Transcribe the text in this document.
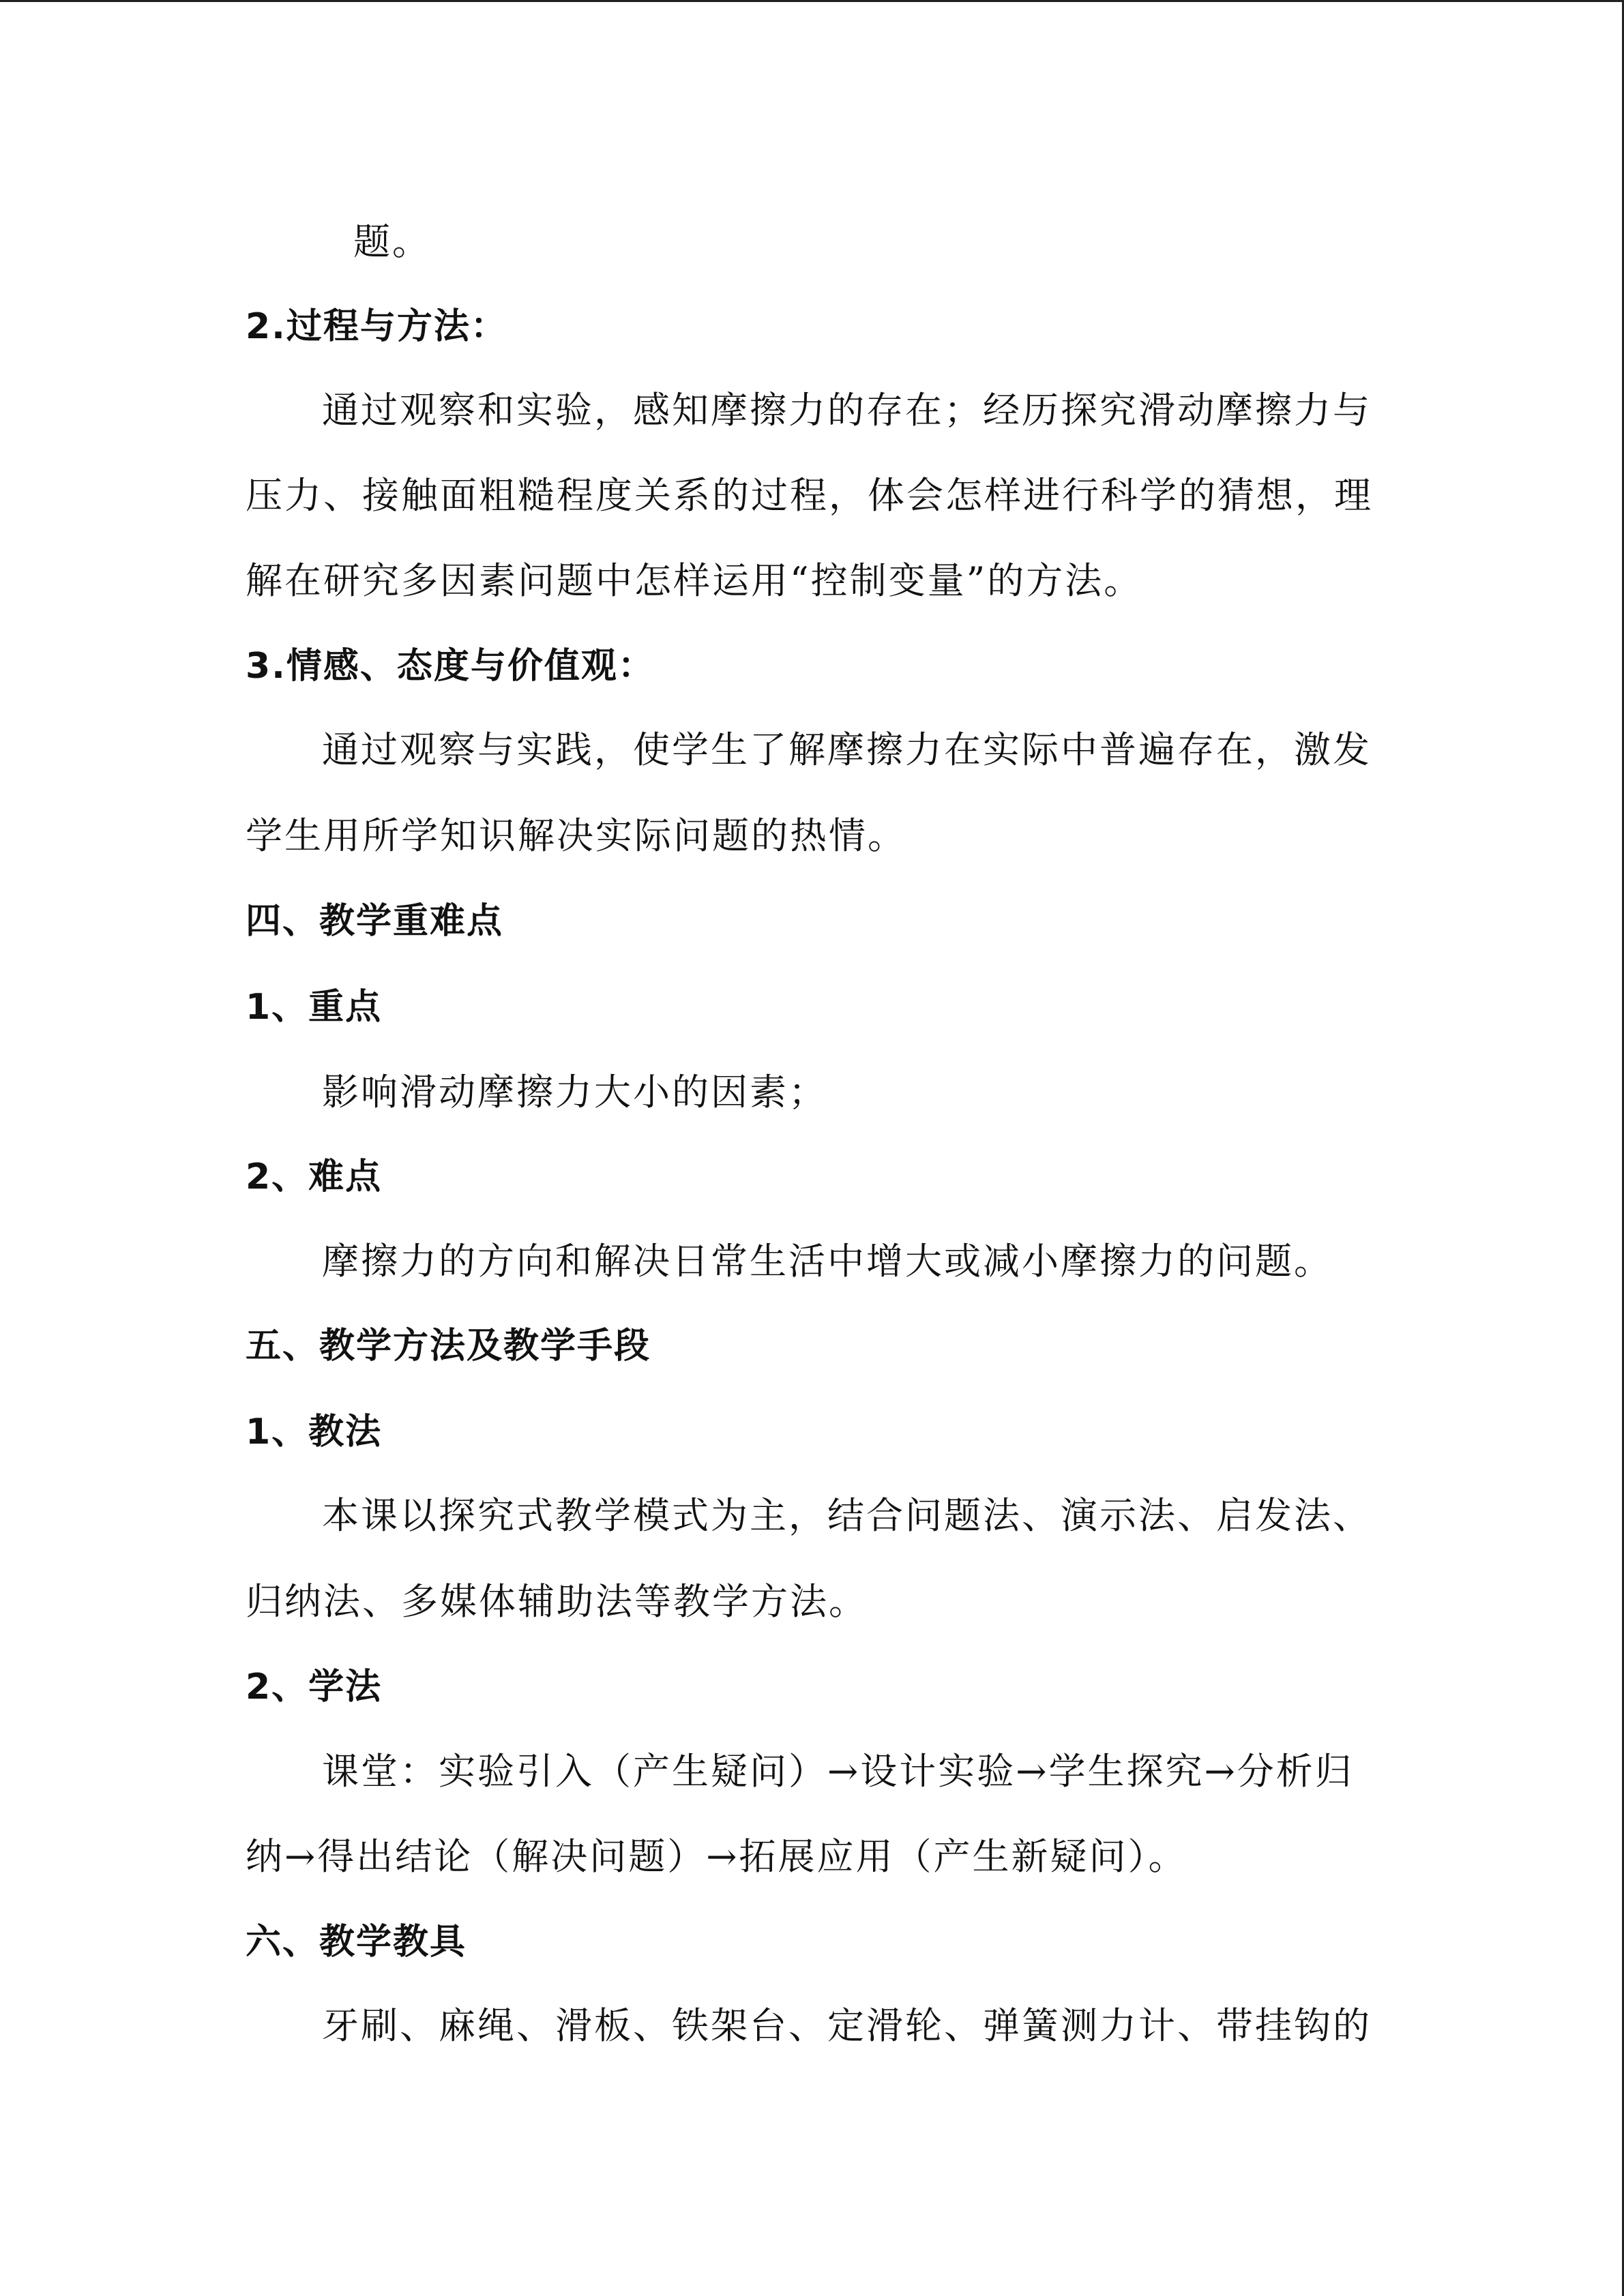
题。
2.过程与方法：
通过观察和实验，感知摩擦力的存在；经历探究滑动摩擦力与
压力、接触面粗糙程度关系的过程，体会怎样进行科学的猜想，理
解在研究多因素问题中怎样运用“控制变量”的方法。
3.情感、态度与价值观：
通过观察与实践，使学生了解摩擦力在实际中普遍存在，激发
学生用所学知识解决实际问题的热情。
四、教学重难点
1、重点
影响滑动摩擦力大小的因素；
2、难点
摩擦力的方向和解决日常生活中增大或减小摩擦力的问题。
五、教学方法及教学手段
1、教法
本课以探究式教学模式为主，结合问题法、演示法、启发法、
归纳法、多媒体辅助法等教学方法。
2、学法
课堂：实验引入（产生疑问）→设计实验→学生探究→分析归
纳→得出结论（解决问题）→拓展应用（产生新疑问）。
六、教学教具
牙刷、麻绳、滑板、铁架台、定滑轮、弹簧测力计、带挂钩的
